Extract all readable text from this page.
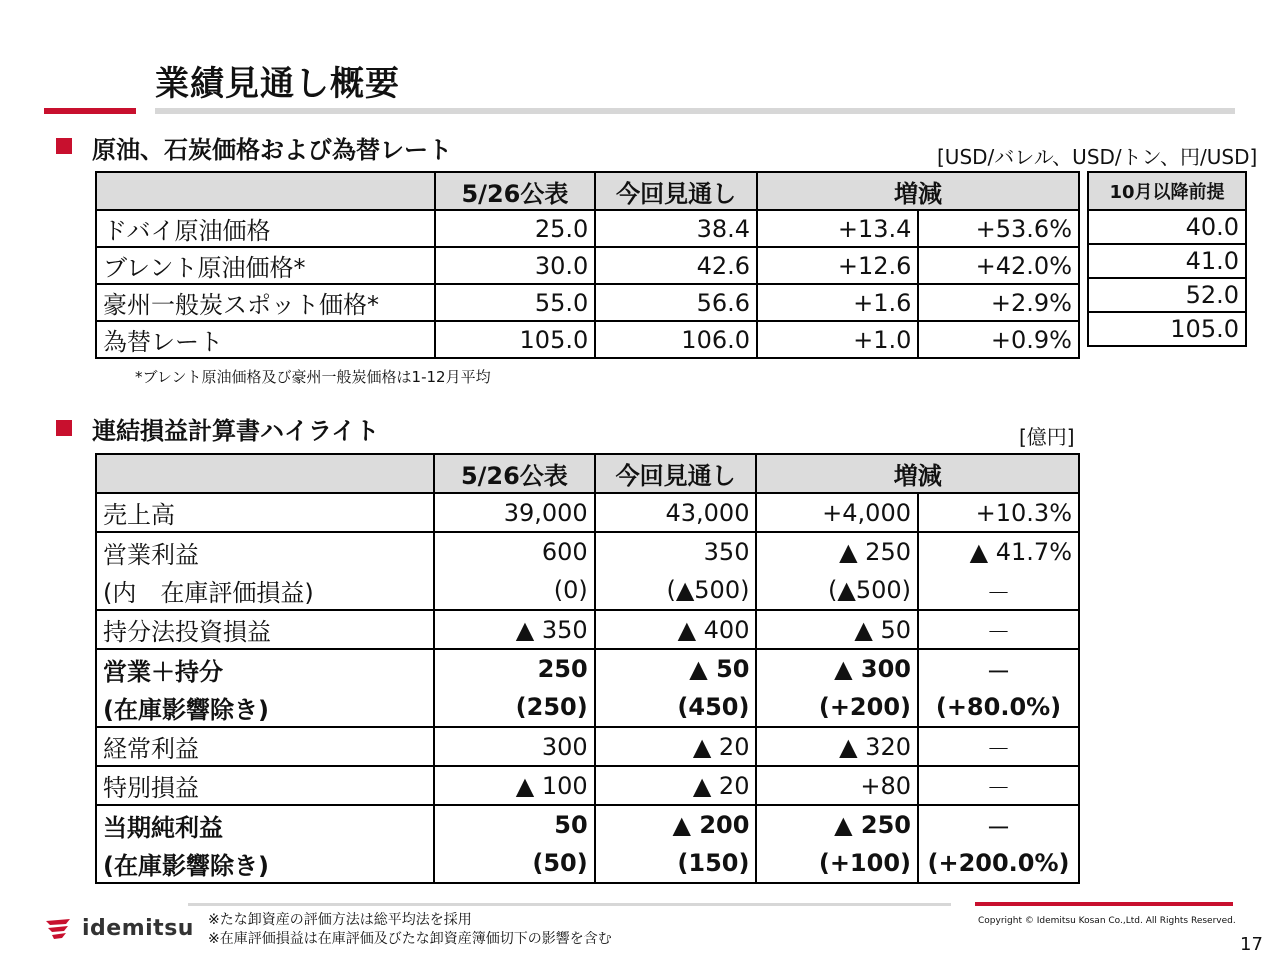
業績見通し概要
原油、石炭価格および為替レート	[USD/バレル、USD/トン、円/USD]
	5/26公表	今回見通し	増減	
ドバイ原油価格	25.0	38.4	+13.4	+53.6%
ブレント原油価格*	30.0	42.6	+12.6	+42.0%
豪州一般炭スポット価格*	55.0	56.6	+1.6	+2.9%
為替レート	105.0	106.0	+1.0	+0.9%
10月以降前提
40.0
41.0
52.0
105.0
*ブレント原油価格及び豪州一般炭価格は1-12月平均
連結損益計算書ハイライト	[億円]
	5/26公表	今回見通し	増減	
売上高	39,000	43,000	+4,000	+10.3%
営業利益	600	350	▲ 250	▲ 41.7%
(内　在庫評価損益)	(0)	(▲500)	(▲500)	－
持分法投資損益	▲ 350	▲ 400	▲ 50	－
営業＋持分	250	▲ 50	▲ 300	－
(在庫影響除き)	(250)	(450)	(+200)	(+80.0%)
経常利益	300	▲ 20	▲ 320	－
特別損益	▲ 100	▲ 20	+80	－
当期純利益	50	▲ 200	▲ 250	－
(在庫影響除き)	(50)	(150)	(+100)	(+200.0%)
idemitsu ※たな卸資産の評価方法は総平均法を採用
※在庫評価損益は在庫評価及びたな卸資産簿価切下の影響を含む
Copyright © Idemitsu Kosan Co.,Ltd. All Rights Reserved.
17
